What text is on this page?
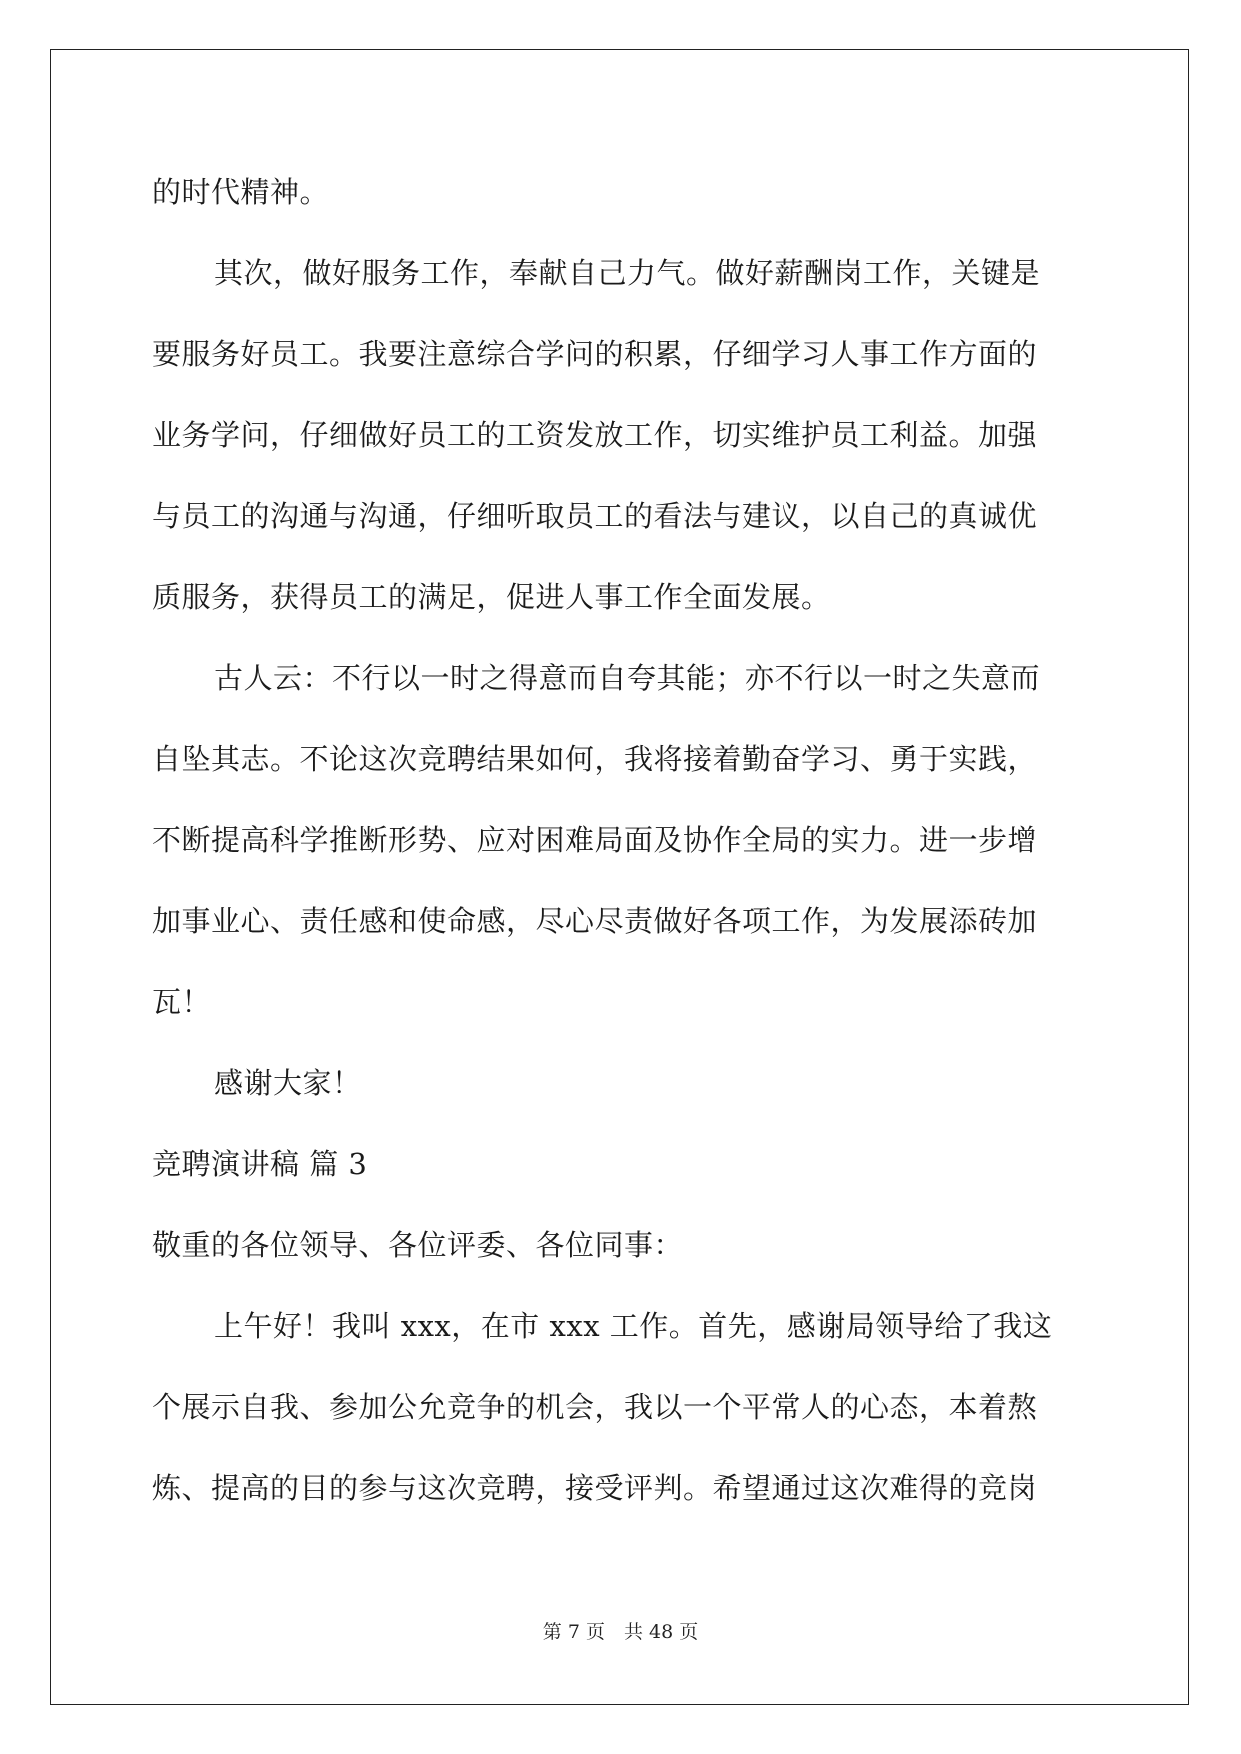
的时代精神。
其次，做好服务工作，奉献自己力气。做好薪酬岗工作，关键是
要服务好员工。我要注意综合学问的积累，仔细学习人事工作方面的
业务学问，仔细做好员工的工资发放工作，切实维护员工利益。加强
与员工的沟通与沟通，仔细听取员工的看法与建议，以自己的真诚优
质服务，获得员工的满足，促进人事工作全面发展。
古人云：不行以一时之得意而自夸其能；亦不行以一时之失意而
自坠其志。不论这次竞聘结果如何，我将接着勤奋学习、勇于实践，
不断提高科学推断形势、应对困难局面及协作全局的实力。进一步增
加事业心、责任感和使命感，尽心尽责做好各项工作，为发展添砖加
瓦！
感谢大家！
竞聘演讲稿 篇 3
敬重的各位领导、各位评委、各位同事：
上午好！我叫 xxx，在市 xxx 工作。首先，感谢局领导给了我这
个展示自我、参加公允竞争的机会，我以一个平常人的心态，本着熬
炼、提高的目的参与这次竞聘，接受评判。希望通过这次难得的竞岗
第 7 页　共 48 页
